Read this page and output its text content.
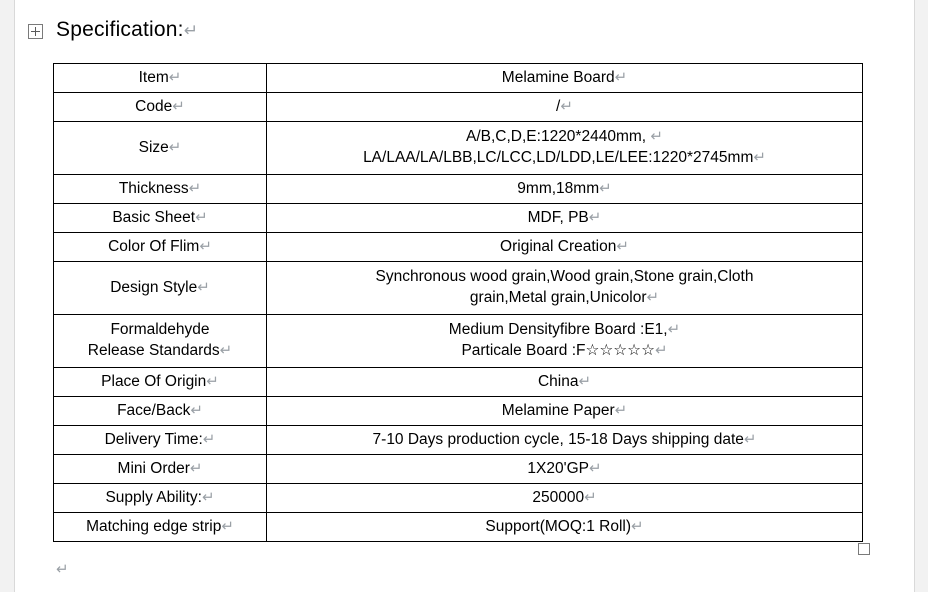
Specification:↵
Item↵	Melamine Board↵

Code↵	/↵

Size↵	A/B,C,D,E:1220*2440mm, ↵
LA/LAA/LA/LBB,LC/LCC,LD/LDD,LE/LEE:1220*2745mm↵

Thickness↵	9mm,18mm↵

Basic Sheet↵	MDF, PB↵

Color Of Flim↵	Original Creation↵

Design Style↵	Synchronous wood grain,Wood grain,Stone grain,Cloth
grain,Metal grain,Unicolor↵

Formaldehyde
Release Standards↵	Medium Densityfibre Board :E1,↵
Particale Board :F☆☆☆☆☆↵

Place Of Origin↵	China↵

Face/Back↵	Melamine Paper↵

Delivery Time:↵	7-10 Days production cycle, 15-18 Days shipping date↵

Mini Order↵	1X20'GP↵

Supply Ability:↵	250000↵

Matching edge strip↵	Support(MOQ:1 Roll)↵
↵
